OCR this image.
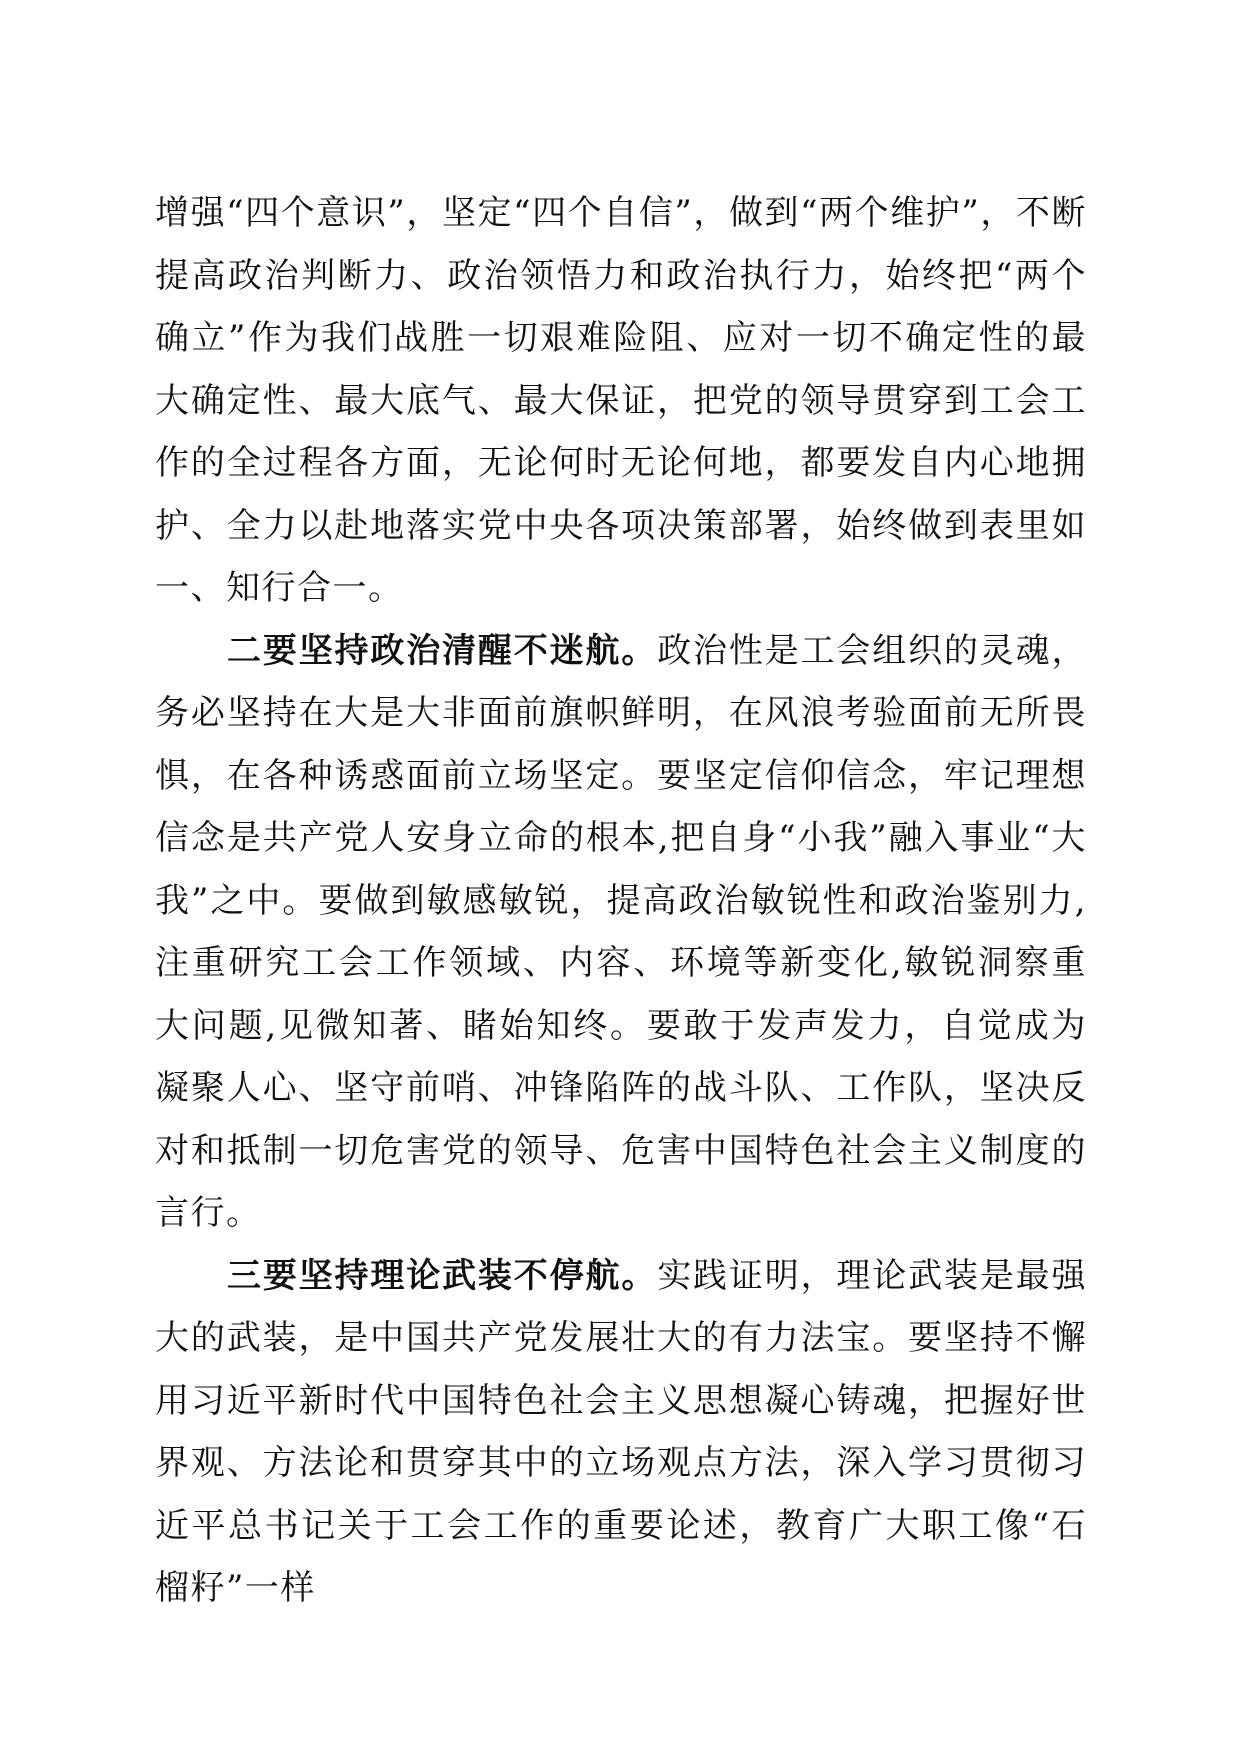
增强“四个意识”，坚定“四个自信”，做到“两个维护”，不断提高政治判断力、政治领悟力和政治执行力，始终把“两个确立”作为我们战胜一切艰难险阻、应对一切不确定性的最大确定性、最大底气、最大保证，把党的领导贯穿到工会工作的全过程各方面，无论何时无论何地，都要发自内心地拥护、全力以赴地落实党中央各项决策部署，始终做到表里如一、知行合一。

二要坚持政治清醒不迷航。政治性是工会组织的灵魂，务必坚持在大是大非面前旗帜鲜明，在风浪考验面前无所畏惧，在各种诱惑面前立场坚定。要坚定信仰信念，牢记理想信念是共产党人安身立命的根本,把自身“小我”融入事业“大我”之中。要做到敏感敏锐，提高政治敏锐性和政治鉴别力,注重研究工会工作领域、内容、环境等新变化,敏锐洞察重大问题,见微知著、睹始知终。要敢于发声发力，自觉成为凝聚人心、坚守前哨、冲锋陷阵的战斗队、工作队，坚决反对和抵制一切危害党的领导、危害中国特色社会主义制度的言行。

三要坚持理论武装不停航。实践证明，理论武装是最强大的武装，是中国共产党发展壮大的有力法宝。要坚持不懈用习近平新时代中国特色社会主义思想凝心铸魂，把握好世界观、方法论和贯穿其中的立场观点方法，深入学习贯彻习近平总书记关于工会工作的重要论述，教育广大职工像“石榴籽”一样
